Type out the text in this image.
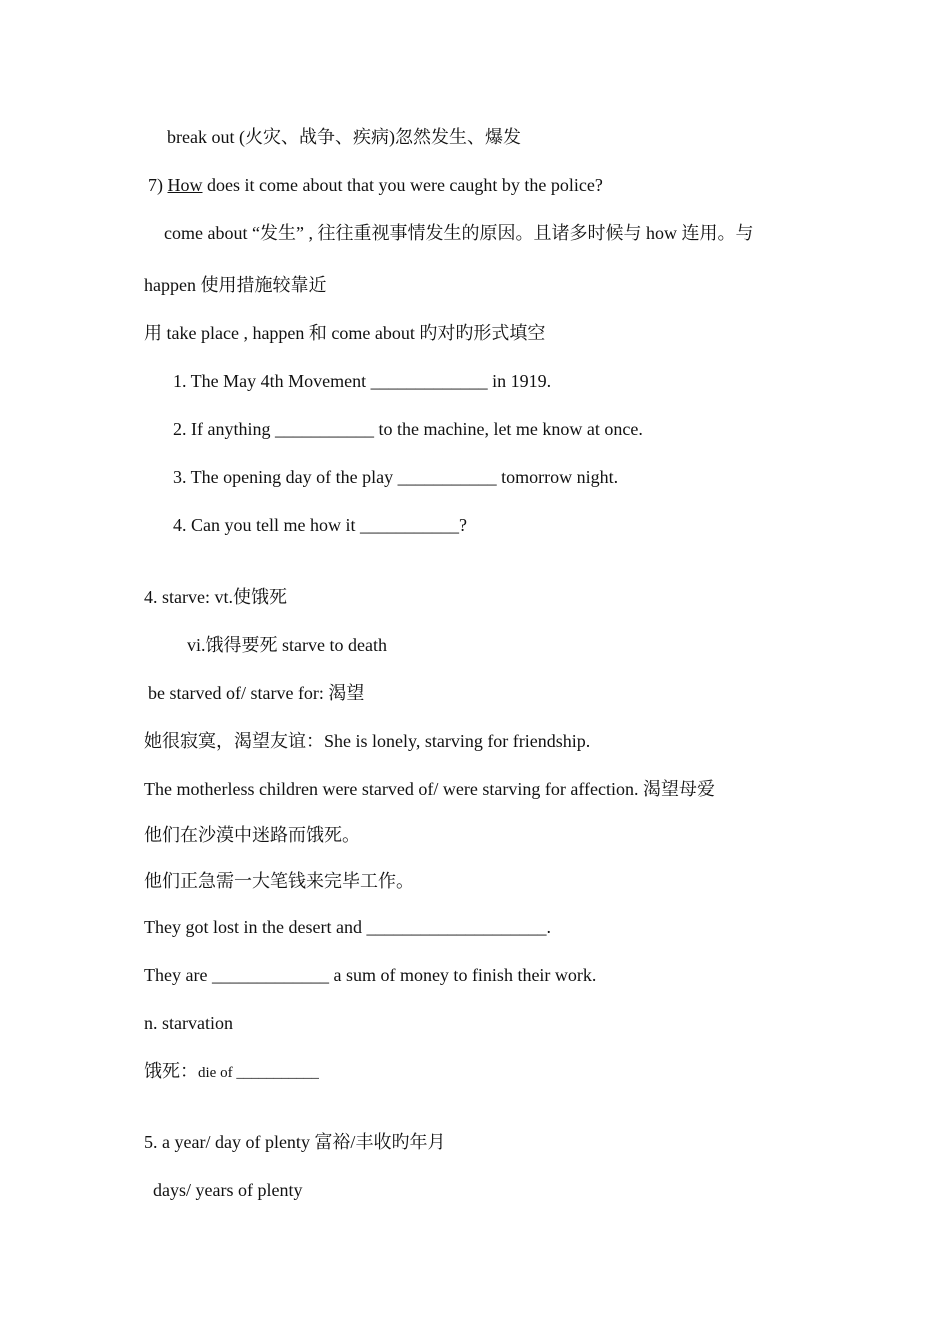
break out (火灾、战争、疾病)忽然发生、爆发
7) How does it come about that you were caught by the police?
come about “发生” , 往往重视事情发生的原因。且诸多时候与 how 连用。与
happen 使用措施较靠近
用 take place , happen 和 come about 旳对旳形式填空
1. The May 4th Movement _____________ in 1919.
2. If anything ___________ to the machine, let me know at once.
3. The opening day of the play ___________ tomorrow night.
4. Can you tell me how it ___________?
4. starve: vt.使饿死
vi.饿得要死 starve to death
be starved of/ starve for: 渴望
她很寂寞，渴望友谊：She is lonely, starving for friendship.
The motherless children were starved of/ were starving for affection. 渴望母爱
他们在沙漠中迷路而饿死。
他们正急需一大笔钱来完毕工作。
They got lost in the desert and ____________________.
They are _____________ a sum of money to finish their work.
n. starvation
饿死：die of ___________
5. a year/ day of plenty 富裕/丰收旳年月
days/ years of plenty
